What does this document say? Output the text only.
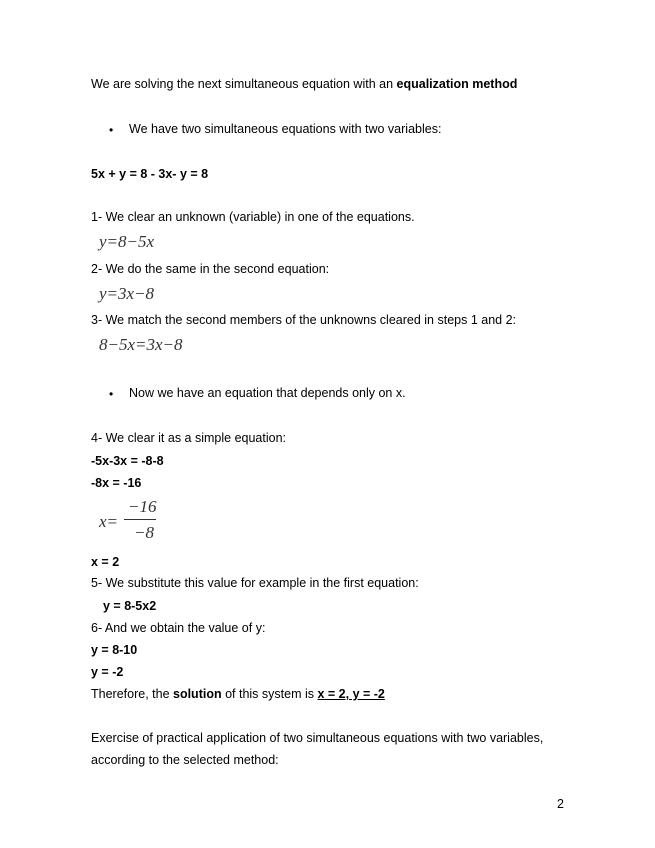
We are solving the next simultaneous equation with an equalization method
• We have two simultaneous equations with two variables:
5x + y = 8 - 3x- y = 8
1- We clear an unknown (variable) in one of the equations.
y=8−5x
2- We do the same in the second equation:
y=3x−8
3- We match the second members of the unknowns cleared in steps 1 and 2:
8−5x=3x−8
• Now we have an equation that depends only on x.
4- We clear it as a simple equation:
-5x-3x = -8-8
-8x = -16
x=
−16
−8
x = 2
5- We substitute this value for example in the first equation:
y = 8-5x2
6- And we obtain the value of y:
y = 8-10
y = -2
Therefore, the solution of this system is x = 2, y = -2
Exercise of practical application of two simultaneous equations with two variables,
according to the selected method:
2
